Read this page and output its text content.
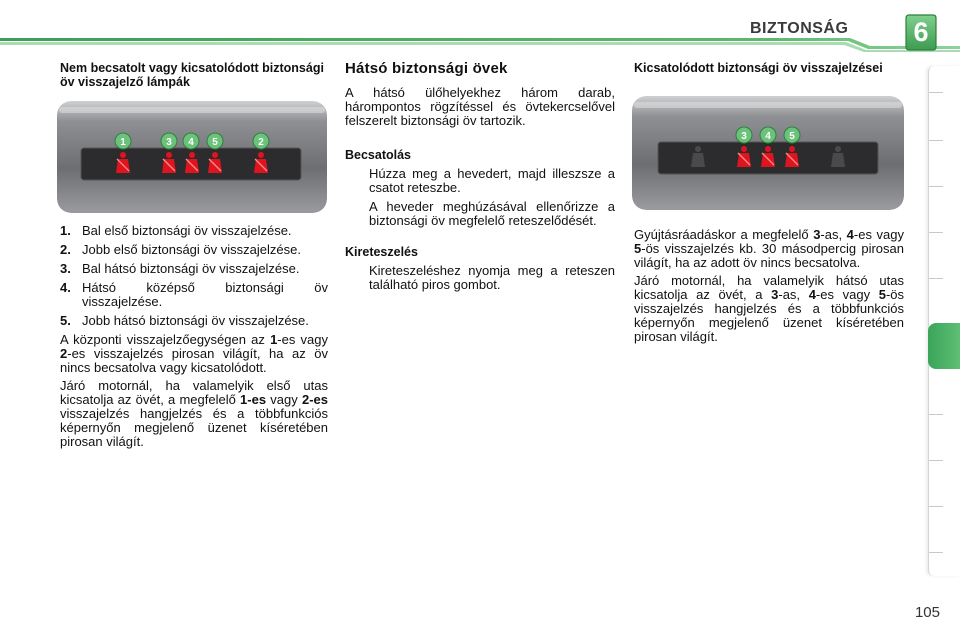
BIZTONSÁG	6

Nem becsatolt vagy kicsatolódott biztonsági öv visszajelző lámpák

1	3 4 5	2
1. Bal első biztonsági öv visszajelzése.
2. Jobb első biztonsági öv visszajelzése.
3. Bal hátsó biztonsági öv visszajelzése.
4. Hátsó középső biztonsági öv visszajelzése.
5. Jobb hátsó biztonsági öv visszajelzése.

A központi visszajelzőegységen az 1-es vagy 2-es visszajelzés pirosan világít, ha az öv nincs becsatolva vagy kicsatolódott.

Járó motornál, ha valamelyik első utas kicsatolja az övét, a megfelelő 1-es vagy 2-es visszajelzés hangjelzés és a többfunkciós képernyőn megjelenő üzenet kíséretében pirosan világít.

Hátsó biztonsági övek

A hátsó ülőhelyekhez három darab, hárompontos rögzítéssel és övtekercselővel felszerelt biztonsági öv tartozik.

Becsatolás

Húzza meg a hevedert, majd illeszsze a csatot reteszbe.
A heveder meghúzásával ellenőrizze a biztonsági öv megfelelő reteszelődését.

Kireteszelés

Kireteszeléshez nyomja meg a reteszen található piros gombot.

Kicsatolódott biztonsági öv visszajelzései

3 4 5

Gyújtásráadáskor a megfelelő 3-as, 4-es vagy 5-ös visszajelzés kb. 30 másodpercig pirosan világít, ha az adott öv nincs becsatolva.

Járó motornál, ha valamelyik hátsó utas kicsatolja az övét, a 3-as, 4-es vagy 5-ös visszajelzés hangjelzés és a többfunkciós képernyőn megjelenő üzenet kíséretében pirosan világít.

105
